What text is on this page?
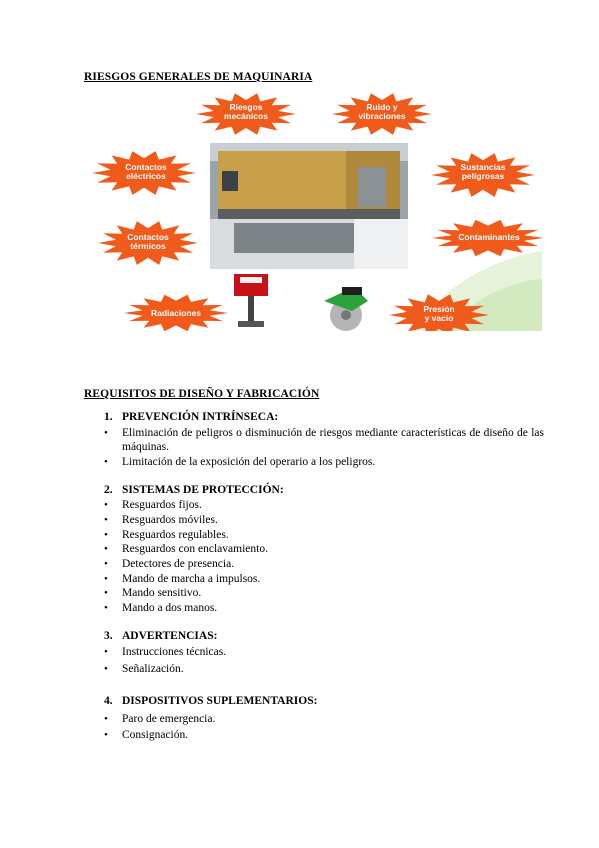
RIESGOS GENERALES DE MAQUINARIA
Riesgos
mecánicos
Ruido y
vibraciones
Contactos
eléctricos
Sustancias
peligrosas
Contactos
térmicos
Contaminantes
Radiaciones	Presión
y vacio
REQUISITOS DE DISEÑO Y FABRICACIÓN
1. PREVENCIÓN INTRÍNSECA:
• Eliminación de peligros o disminución de riesgos mediante características de diseño de las máquinas.
• Limitación de la exposición del operario a los peligros.
2. SISTEMAS DE PROTECCIÓN:
• Resguardos fijos.
• Resguardos móviles.
• Resguardos regulables.
• Resguardos con enclavamiento.
• Detectores de presencia.
• Mando de marcha a impulsos.
• Mando sensitivo.
• Mando a dos manos.
3. ADVERTENCIAS:
• Instrucciones técnicas.
• Señalización.
4. DISPOSITIVOS SUPLEMENTARIOS:
• Paro de emergencia.
• Consignación.
